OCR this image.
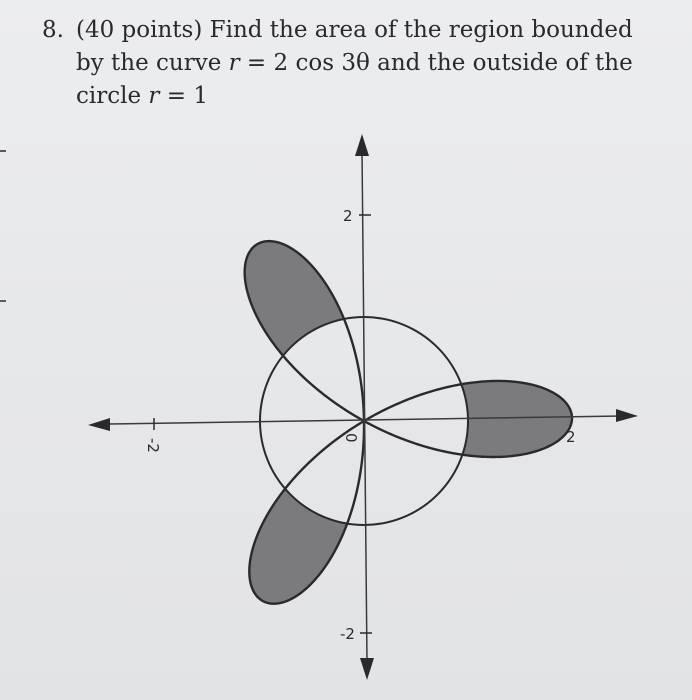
8. (40 points) Find the area of the region bounded
by the curve r = 2 cos 3θ and the outside of the
circle r = 1
2
-2
-2	2
0
